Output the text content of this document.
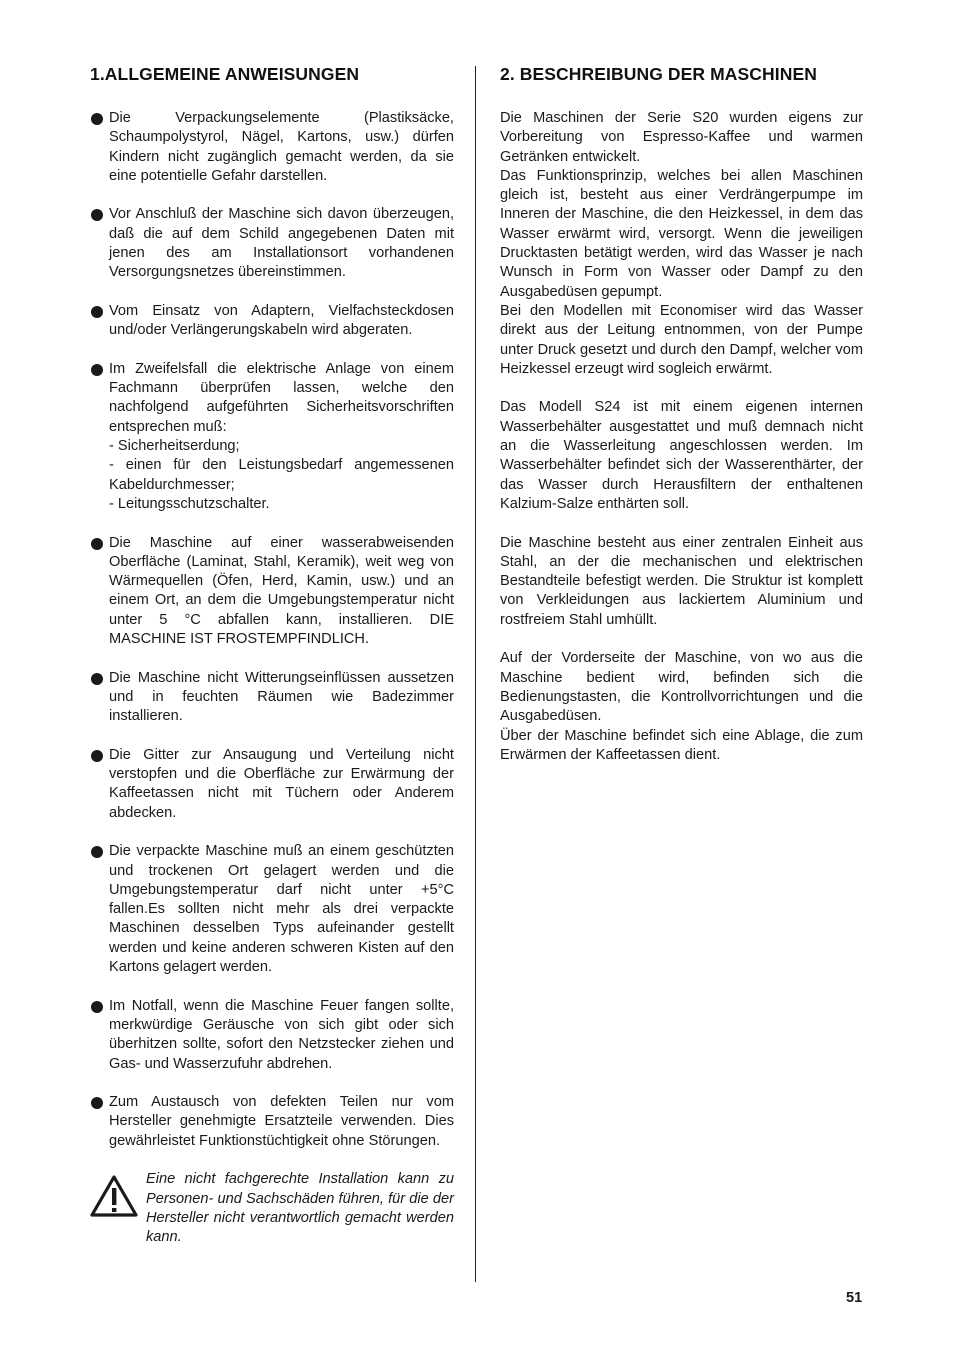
1.ALLGEMEINE ANWEISUNGEN

Die Verpackungselemente (Plastiksäcke, Schaumpolystyrol, Nägel, Kartons, usw.) dürfen Kindern nicht zugänglich gemacht werden, da sie eine potentielle Gefahr darstellen.

Vor Anschluß der Maschine sich davon überzeugen, daß die auf dem Schild angegebenen Daten mit jenen des am Installationsort vorhandenen Versorgungsnetzes übereinstimmen.

Vom Einsatz von Adaptern, Vielfachsteckdosen und/oder Verlängerungskabeln wird abgeraten.

Im Zweifelsfall die elektrische Anlage von einem Fachmann überprüfen lassen, welche den nachfolgend aufgeführten Sicherheitsvorschriften entsprechen muß:

- Sicherheitserdung;

- einen für den Leistungsbedarf angemessenen Kabeldurchmesser;

- Leitungsschutzschalter.

Die Maschine auf einer wasserabweisenden Oberfläche (Laminat, Stahl, Keramik), weit weg von Wärmequellen (Öfen, Herd, Kamin, usw.) und an einem Ort, an dem die Umgebungstemperatur nicht unter 5 °C abfallen kann, installieren. DIE MASCHINE IST FROSTEMPFINDLICH.

Die Maschine nicht Witterungseinflüssen aussetzen und in feuchten Räumen wie Badezimmer installieren.

Die Gitter zur Ansaugung und Verteilung nicht verstopfen und die Oberfläche zur Erwärmung der Kaffeetassen nicht mit Tüchern oder Anderem abdecken.

Die verpackte Maschine muß an einem geschützten und trockenen Ort gelagert werden und die Umgebungstemperatur darf nicht unter +5°C fallen.Es sollten nicht mehr als drei verpackte Maschinen desselben Typs aufeinander gestellt werden und keine anderen schweren Kisten auf den Kartons gelagert werden.

Im Notfall, wenn die Maschine Feuer fangen sollte, merkwürdige Geräusche von sich gibt oder sich überhitzen sollte, sofort den Netzstecker ziehen und Gas- und Wasserzufuhr abdrehen.

Zum Austausch von defekten Teilen nur vom Hersteller genehmigte Ersatzteile verwenden. Dies gewährleistet Funktionstüchtigkeit ohne Störungen.

Eine nicht fachgerechte Installation kann zu Personen- und Sachschäden führen, für die der Hersteller nicht verantwortlich gemacht werden kann.

2. BESCHREIBUNG DER MASCHINEN

Die Maschinen der Serie S20 wurden eigens zur Vorbereitung von Espresso-Kaffee und warmen Getränken entwickelt.

Das Funktionsprinzip, welches bei allen Maschinen gleich ist, besteht aus einer Verdrängerpumpe im Inneren der Maschine, die den Heizkessel, in dem das Wasser erwärmt wird, versorgt. Wenn die jeweiligen Drucktasten betätigt werden, wird das Wasser je nach Wunsch in Form von Wasser oder Dampf zu den Ausgabedüsen gepumpt.

Bei den Modellen mit Economiser wird das Wasser direkt aus der Leitung entnommen, von der Pumpe unter Druck gesetzt und durch den Dampf, welcher vom Heizkessel erzeugt wird sogleich erwärmt.

Das Modell S24 ist mit einem eigenen internen Wasserbehälter ausgestattet und muß demnach nicht an die Wasserleitung angeschlossen werden. Im Wasserbehälter befindet sich der Wasserenthärter, der das Wasser durch Herausfiltern der enthaltenen Kalzium-Salze enthärten soll.

Die Maschine besteht aus einer zentralen Einheit aus Stahl, an der die mechanischen und elektrischen Bestandteile befestigt werden. Die Struktur ist komplett von Verkleidungen aus lackiertem Aluminium und rostfreiem Stahl umhüllt.

Auf der Vorderseite der Maschine, von wo aus die Maschine bedient wird, befinden sich die Bedienungstasten, die Kontrollvorrichtungen und die Ausgabedüsen.

Über der Maschine befindet sich eine Ablage, die zum Erwärmen der Kaffeetassen dient.

51
